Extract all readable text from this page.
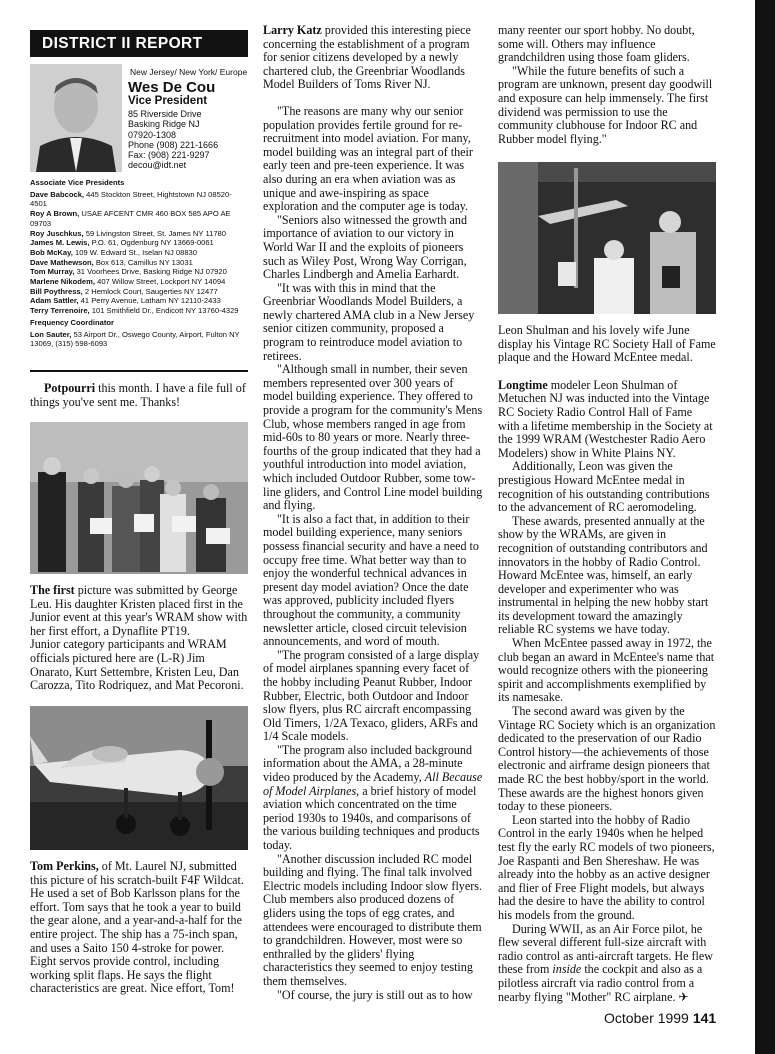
DISTRICT II REPORT
New Jersey/ New York/ Europe
Wes De Cou
Vice President
85 Riverside Drive
Basking Ridge NJ
07920-1308
Phone (908) 221-1666
Fax: (908) 221-9297
decou@idt.net
Associate Vice Presidents
Dave Babcock, 445 Stockton Street, Hightstown NJ 08520-4501
Roy A Brown, USAE AFCENT CMR 460 BOX 585 APO AE 09703
Roy Juschkus, 59 Livingston Street, St. James NY 11780
James M. Lewis, P.O. 61, Ogdenburg NY 13669-0061
Bob McKay, 109 W. Edward St., Iselan NJ 08830
Dave Mathewson, Box 613, Camillus NY 13031
Tom Murray, 31 Voorhees Drive, Basking Ridge NJ 07920
Marlene Nikodem, 407 Willow Street, Lockport NY 14094
Bill Poythress, 2 Hemlock Court, Saugerties NY 12477
Adam Sattler, 41 Perry Avenue, Latham NY 12110-2433
Terry Terrenoire, 101 Smithfield Dr., Endicott NY 13760-4329
Frequency Coordinator
Lon Sauter, 53 Airport Dr., Oswego County, Airport, Fulton NY 13069, (315) 598-6093

Potpourri this month. I have a file full of things you've sent me. Thanks!

The first picture was submitted by George Leu. His daughter Kristen placed first in the Junior event at this year's WRAM show with her first effort, a Dynaflite PT19.

Junior category participants and WRAM officials pictured here are (L-R) Jim Onarato, Kurt Settembre, Kristen Leu, Dan Carozza, Tito Rodriquez, and Mat Pecoroni.

Tom Perkins, of Mt. Laurel NJ, submitted this picture of his scratch-built F4F Wildcat. He used a set of Bob Karlsson plans for the effort. Tom says that he took a year to build the gear alone, and a year-and-a-half for the entire project. The ship has a 75-inch span, and uses a Saito 150 4-stroke for power. Eight servos provide control, including working split flaps. He says the flight characteristics are great. Nice effort, Tom!

Larry Katz provided this interesting piece concerning the establishment of a program for senior citizens developed by a newly chartered club, the Greenbriar Woodlands Model Builders of Toms River NJ.

"The reasons are many why our senior population provides fertile ground for re-recruitment into model aviation. For many, model building was an integral part of their early teen and pre-teen experience. It was also during an era when aviation was as unique and awe-inspiring as space exploration and the computer age is today.

"Seniors also witnessed the growth and importance of aviation to our victory in World War II and the exploits of pioneers such as Wiley Post, Wrong Way Corrigan, Charles Lindbergh and Amelia Earhardt.

"It was with this in mind that the Greenbriar Woodlands Model Builders, a newly chartered AMA club in a New Jersey senior citizen community, proposed a program to reintroduce model aviation to retirees.

"Although small in number, their seven members represented over 300 years of model building experience. They offered to provide a program for the community's Mens Club, whose members ranged in age from mid-60s to 80 years or more. Nearly three-fourths of the group indicated that they had a youthful introduction into model aviation, which included Outdoor Rubber, some tow-line gliders, and Control Line model building and flying.

"It is also a fact that, in addition to their model building experience, many seniors possess financial security and have a need to occupy free time. What better way than to enjoy the wonderful technical advances in present day model aviation? Once the date was approved, publicity included flyers throughout the community, a community newsletter article, closed circuit television announcements, and word of mouth.

"The program consisted of a large display of model airplanes spanning every facet of the hobby including Peanut Rubber, Indoor Rubber, Electric, both Outdoor and Indoor slow flyers, plus RC aircraft encompassing Old Timers, 1/2A Texaco, gliders, ARFs and 1/4 Scale models.

"The program also included background information about the AMA, a 28-minute video produced by the Academy, All Because of Model Airplanes, a brief history of model aviation which concentrated on the time period 1930s to 1940s, and comparisons of the various building techniques and products today.

"Another discussion included RC model building and flying. The final talk involved Electric models including Indoor slow flyers. Club members also produced dozens of gliders using the tops of egg crates, and attendees were encouraged to distribute them to grandchildren. However, most were so enthralled by the gliders' flying characteristics they seemed to enjoy testing them themselves.

"Of course, the jury is still out as to how

many reenter our sport hobby. No doubt, some will. Others may influence grandchildren using those foam gliders.

"While the future benefits of such a program are unknown, present day goodwill and exposure can help immensely. The first dividend was permission to use the community clubhouse for Indoor RC and Rubber model flying."

Leon Shulman and his lovely wife June display his Vintage RC Society Hall of Fame plaque and the Howard McEntee medal.

Longtime modeler Leon Shulman of Metuchen NJ was inducted into the Vintage RC Society Radio Control Hall of Fame with a lifetime membership in the Society at the 1999 WRAM (Westchester Radio Aero Modelers) show in White Plains NY.

Additionally, Leon was given the prestigious Howard McEntee medal in recognition of his outstanding contributions to the advancement of RC aeromodeling.

These awards, presented annually at the show by the WRAMs, are given in recognition of outstanding contributors and innovators in the hobby of Radio Control. Howard McEntee was, himself, an early developer and experimenter who was instrumental in helping the new hobby start its development toward the amazingly reliable RC systems we have today.

When McEntee passed away in 1972, the club began an award in McEntee's name that would recognize others with the pioneering spirit and accomplishments exemplified by its namesake.

The second award was given by the Vintage RC Society which is an organization dedicated to the preservation of our Radio Control history—the achievements of those electronic and airframe design pioneers that made RC the best hobby/sport in the world. These awards are the highest honors given today to these pioneers.

Leon started into the hobby of Radio Control in the early 1940s when he helped test fly the early RC models of two pioneers, Joe Raspanti and Ben Shereshaw. He was already into the hobby as an active designer and flier of Free Flight models, but always had the desire to have the ability to control his models from the ground.

During WWII, as an Air Force pilot, he flew several different full-size aircraft with radio control as anti-aircraft targets. He flew these from inside the cockpit and also as a pilotless aircraft via radio control from a nearby flying "Mother" RC airplane. ✈

October 1999 141
